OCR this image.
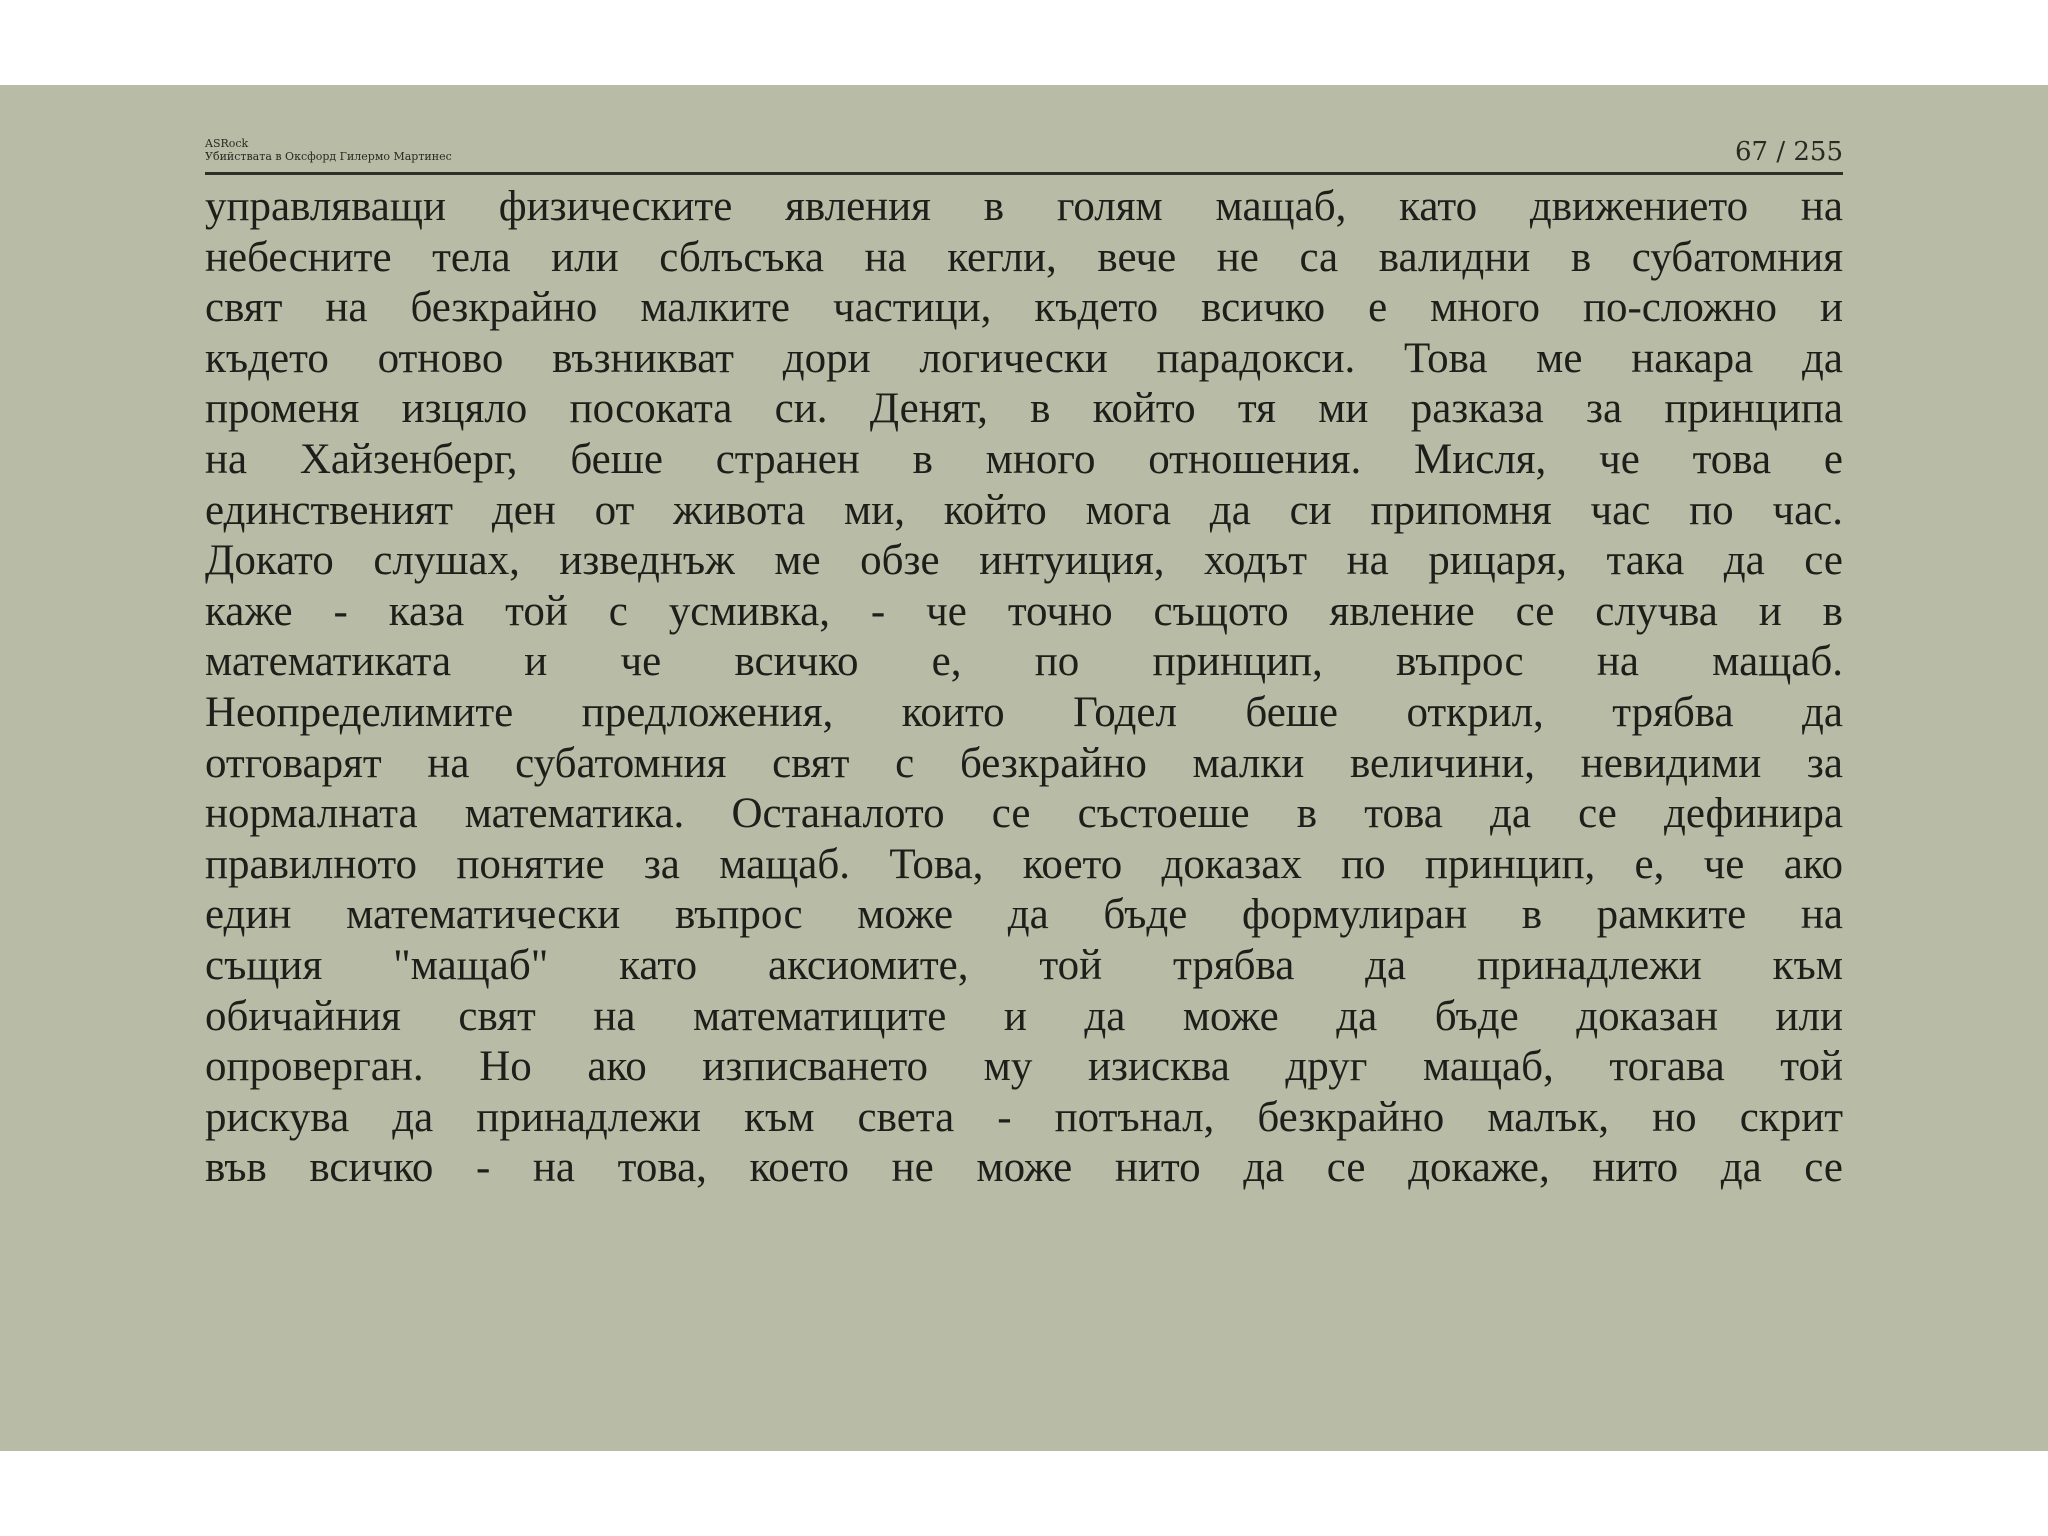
ASRock
Убийствата в Оксфорд Гилермо Мартинес	67 / 255
управляващи физическите явления в голям мащаб, като движението на
небесните тела или сблъсъка на кегли, вече не са валидни в субатомния
свят на безкрайно малките частици, където всичко е много по-сложно и
където отново възникват дори логически парадокси. Това ме накара да
променя изцяло посоката си. Денят, в който тя ми разказа за принципа
на Хайзенберг, беше странен в много отношения. Мисля, че това е
единственият ден от живота ми, който мога да си припомня час по час.
Докато слушах, изведнъж ме обзе интуиция, ходът на рицаря, така да се
каже - каза той с усмивка, - че точно същото явление се случва и в
математиката и че всичко е, по принцип, въпрос на мащаб.
Неопределимите предложения, които Годел беше открил, трябва да
отговарят на субатомния свят с безкрайно малки величини, невидими за
нормалната математика. Останалото се състоеше в това да се дефинира
правилното понятие за мащаб. Това, което доказах по принцип, е, че ако
един математически въпрос може да бъде формулиран в рамките на
същия "мащаб" като аксиомите, той трябва да принадлежи към
обичайния свят на математиците и да може да бъде доказан или
опроверган. Но ако изписването му изисква друг мащаб, тогава той
рискува да принадлежи към света - потънал, безкрайно малък, но скрит
във всичко - на това, което не може нито да се докаже, нито да се
